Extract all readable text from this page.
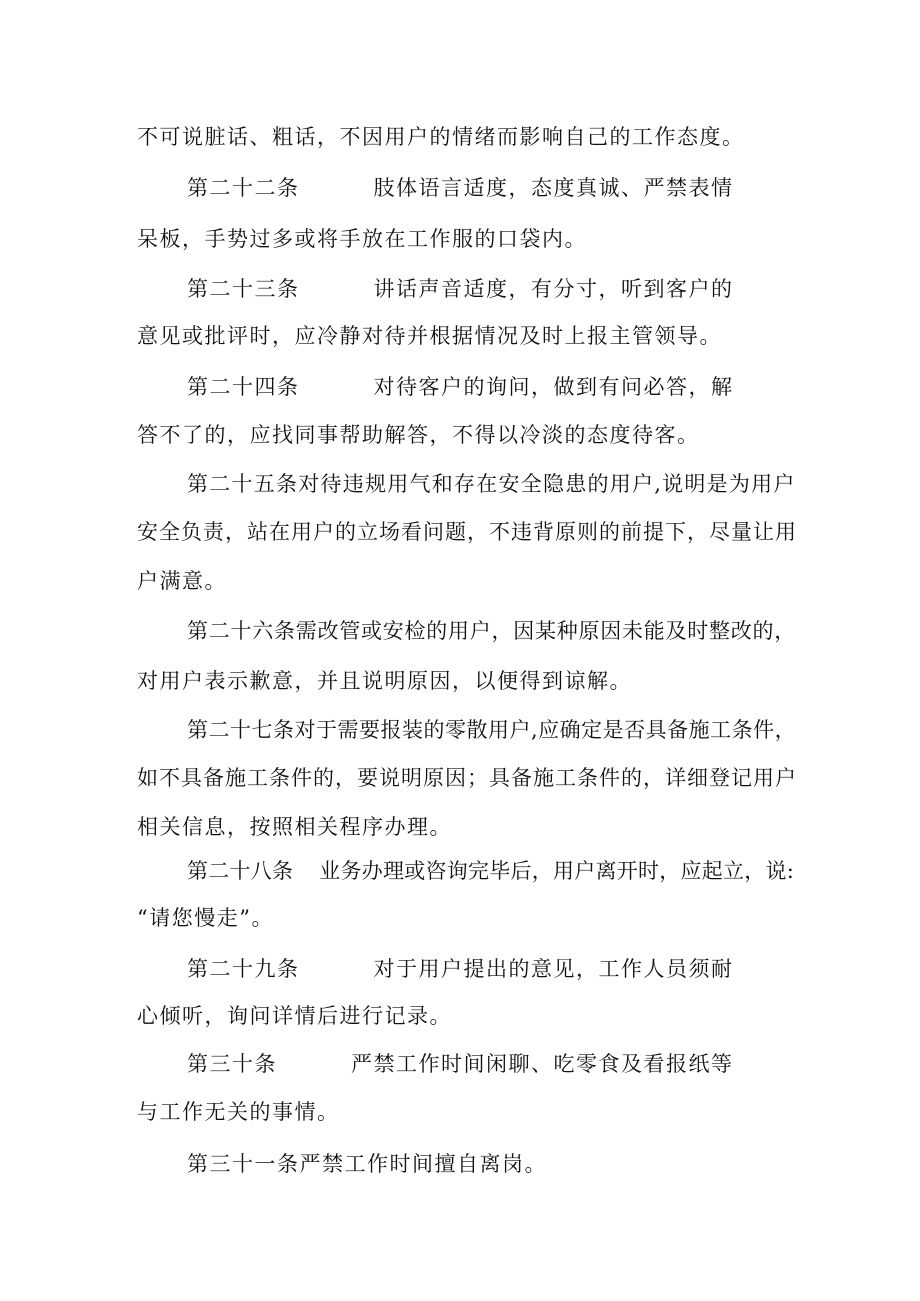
不可说脏话、粗话，不因用户的情绪而影响自己的工作态度。
第二十二条	肢体语言适度，态度真诚、严禁表情
呆板，手势过多或将手放在工作服的口袋内。
第二十三条	讲话声音适度，有分寸，听到客户的
意见或批评时，应冷静对待并根据情况及时上报主管领导。
第二十四条	对待客户的询问，做到有问必答，解
答不了的，应找同事帮助解答，不得以冷淡的态度待客。
第二十五条对待违规用气和存在安全隐患的用户,说明是为用户
安全负责，站在用户的立场看问题，不违背原则的前提下，尽量让用
户满意。
第二十六条需改管或安检的用户，因某种原因未能及时整改的，
对用户表示歉意，并且说明原因，以便得到谅解。
第二十七条对于需要报装的零散用户,应确定是否具备施工条件，
如不具备施工条件的，要说明原因；具备施工条件的，详细登记用户
相关信息，按照相关程序办理。
第二十八条 业务办理或咨询完毕后，用户离开时，应起立，说:
“请您慢走”。
第二十九条	对于用户提出的意见，工作人员须耐
心倾听，询问详情后进行记录。
第三十条	严禁工作时间闲聊、吃零食及看报纸等
与工作无关的事情。
第三十一条严禁工作时间擅自离岗。
